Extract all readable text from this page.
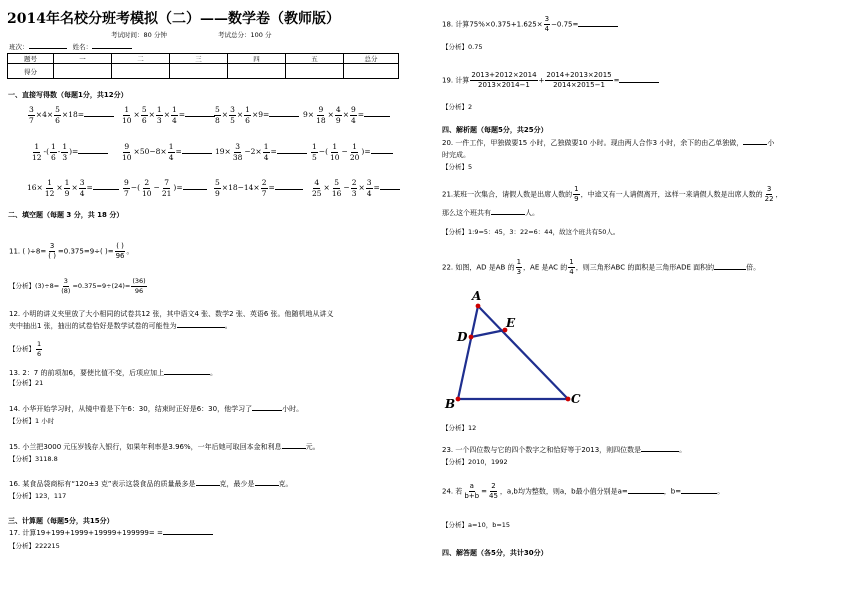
2014年名校分班考模拟（二）——数学卷（教师版）
考试时间：80 分钟	考试总分：100 分
班次：	姓名：
题号	一	二	三	四	五	总分
得分						
一、直接写得数（每题1分，共12分）
$\frac{3}{7} \times 4\times \frac{5}{6} \times 18=$	$\frac{1}{10} \times \frac{5}{6} \times \frac{1}{3} \times \frac{1}{4}$ =	$\frac{5}{8} \times \frac{3}{5} \times \frac{1}{6} \times 9=$	$9\times \frac{9}{18} \times \frac{4}{9} \times \frac{9}{4}$ =
$\frac{1}{12}$ -( $\frac{1}{6} - \frac{1}{3}$ )=	$\frac{9}{10} \times 50-8\times \frac{1}{4}$ =	$19\times \frac{3}{38} -2\times \frac{1}{4}$ =	$\frac{1}{5}$ −( $\frac{1}{10} - \frac{1}{20}$ )=
$16\times \frac{1}{12} \times \frac{1}{9} \times \frac{3}{4}$ =	$\frac{9}{7}$ −( $\frac{2}{10} - \frac{7}{21}$ )=	$\frac{5}{9} \times 18-14\times \frac{2}{7}$ =	$\frac{4}{25} \times \frac{5}{16} - \frac{2}{3} \times \frac{3}{4}$ =
二、填空题（每题 3 分，共 18 分）
11. ( )$\div 8= \frac{3}{( )} =0.375=9\div$( )= $\frac{( )}{96}$ 。
【分析】$(3)\div 8= \frac{3}{(8)} =0.375=9\div(24)= \frac{(36)}{96}$
12. 小明的讲义夹里放了大小相同的试卷共12 张，其中语文4 张、数学2 张、英语6 张。他随机地从讲义
夹中抽出1 张，抽出的试卷恰好是数学试卷的可能性为	。
【分析】 $\frac{1}{6}$
13. 2：7 的前项加6，要使比值不变，后项应加上	。
【分析】21
14. 小华开始学习时，从镜中看是下午6：30，结束时正好是6：30，他学习了	小时。
【分析】1 小时
15. 小兰把3000 元压岁钱存入银行，如果年利率是3.96%，一年后她可取回本金和利息	元。
【分析】3118.8
16. 某食品袋商标有“120±3 克”表示这袋食品的质量最多是	克，最少是	克。
【分析】123，117
三、计算题（每题5分，共15分）
17. 计算19+199+1999+19999+199999= =
【分析】222215
18. 计算$75\%\times 0.375+1.625\times \frac{3}{4} -0.75=$
【分析】0.75
19. 计算 $\frac{2013+2012\times 2014}{2013\times 2014-1} + \frac{2014+2013\times 2015}{2014\times 2015-1}$ =
【分析】2
四、解析题（每题5分，共25分）
20. 一件工作，甲独做要15 小时，乙独做要10 小时。现由两人合作3 小时，余下的由乙单独做，	小
时完成。
【分析】5
21.某班一次集合，请假人数是出席人数的 $\frac{1}{9}$ ，中途又有一人请假离开，这样一来请假人数是出席人数的 $\frac{3}{22}$ ，
那么这个班共有	人。
【分析】1:9=5：45，3：22=6：44，故这个班共有50人。
22. 如图，AD 是AB 的 $\frac{1}{3}$ ，AE 是AC 的 $\frac{1}{4}$ ，则三角形ABC 的面积是三角形ADE 面积的	倍。
A
D
E
B	C
【分析】12
23. 一个四位数与它的四个数字之和恰好等于2013，则四位数是	。
【分析】2010，1992
24. 若 $\frac{a}{b+b} = \frac{2}{45}$ ，a,b均为整数，则a，b最小值分别是a=	，b=	。
【分析】a=10，b=15
四、解答题（各5分，共计30分）
